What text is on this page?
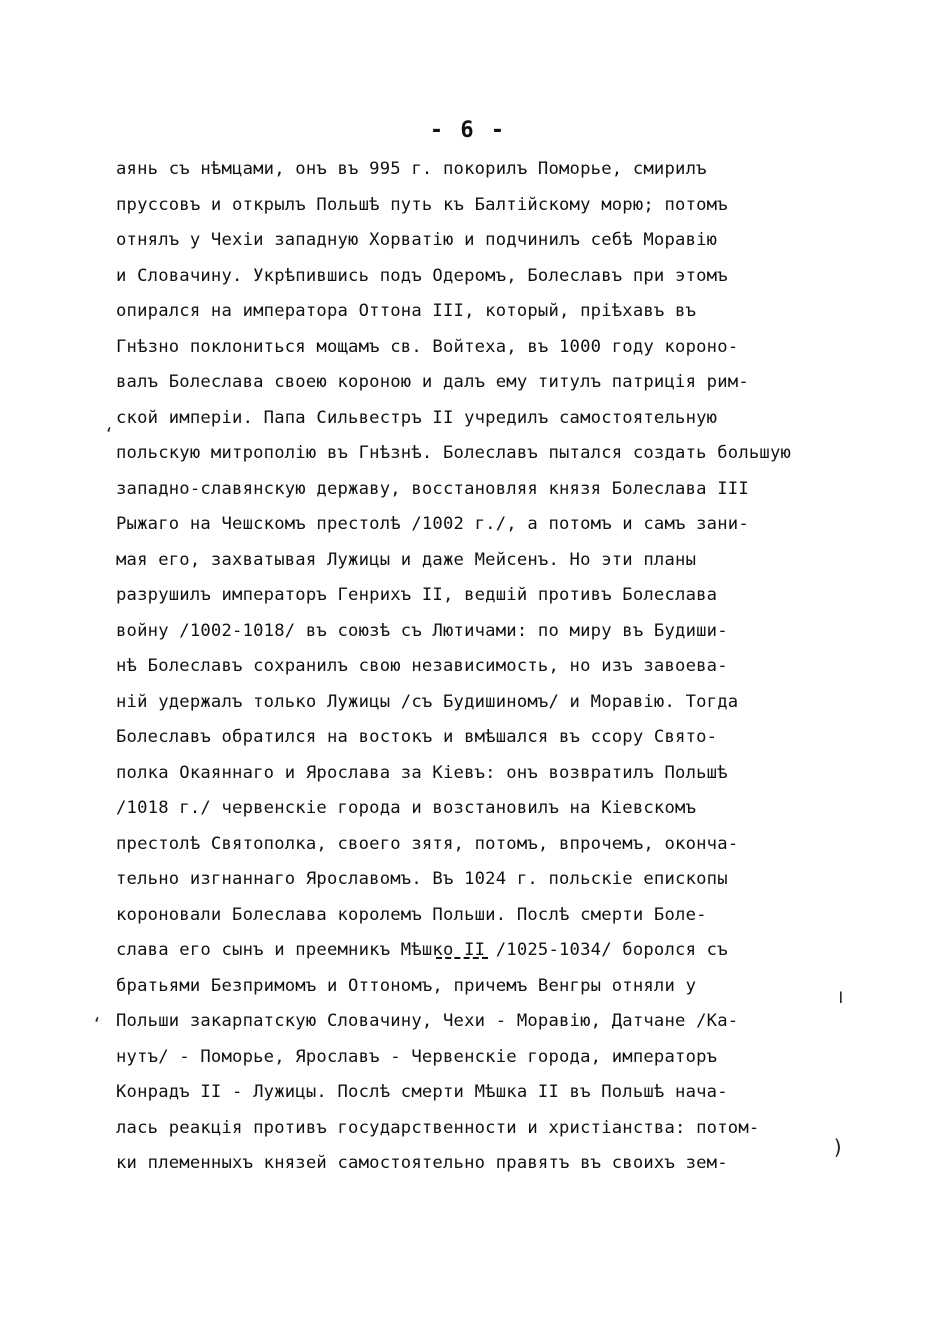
- 6 -
аянь съ нѣмцами, онъ въ 995 г. покорилъ Поморье, смирилъ
пруссовъ и открылъ Польшѣ путь къ Балтійскому морю; потомъ
отнялъ у Чехіи западную Хорватію и подчинилъ себѣ Моравію
и Словачину. Укрѣпившись подъ Одеромъ, Болеславъ при этомъ
опирался на императора Оттона III, который, пріѣхавъ въ
Гнѣзно поклониться мощамъ св. Войтеха, въ 1000 году короно-
валъ Болеслава своею короною и далъ ему титулъ патриція рим-
ской имперіи. Папа Сильвестръ II учредилъ самостоятельную
польскую митрополію въ Гнѣзнѣ. Болеславъ пытался создать большую
западно-славянскую державу, восстановляя князя Болеслава III
Рыжаго на Чешскомъ престолѣ /1002 г./, а потомъ и самъ зани-
мая его, захватывая Лужицы и даже Мейсенъ. Но эти планы
разрушилъ императоръ Генрихъ II, ведшій противъ Болеслава
войну /1002-1018/ въ союзѣ съ Лютичами: по миру въ Будиши-
нѣ Болеславъ сохранилъ свою независимость, но изъ завоева-
ній удержалъ только Лужицы /съ Будишиномъ/ и Моравію. Тогда
Болеславъ обратился на востокъ и вмѣшался въ ссору Свято-
полка Окаяннаго и Ярослава за Кіевъ: онъ возвратилъ Польшѣ
/1018 г./ червенскіе города и возстановилъ на Кіевскомъ
престолѣ Святополка, своего зятя, потомъ, впрочемъ, оконча-
тельно изгнаннаго Ярославомъ. Въ 1024 г. польскіе епископы
короновали Болеслава королемъ Польши. Послѣ смерти Боле-
слава его сынъ и преемникъ Мѣшко II /1025-1034/ боролся съ
братьями Безпримомъ и Оттономъ, причемъ Венгры отняли у
Польши закарпатскую Словачину, Чехи - Моравію, Датчане /Ка-
нутъ/ - Поморье, Ярославъ - Червенскіе города, императоръ
Конрадъ II - Лужицы. Послѣ смерти Мѣшка II въ Польшѣ нача-
лась реакція противъ государственности и христіанства: потом-
ки племенныхъ князей самостоятельно правятъ въ своихъ зем-
‘
ǀ
‘
)
